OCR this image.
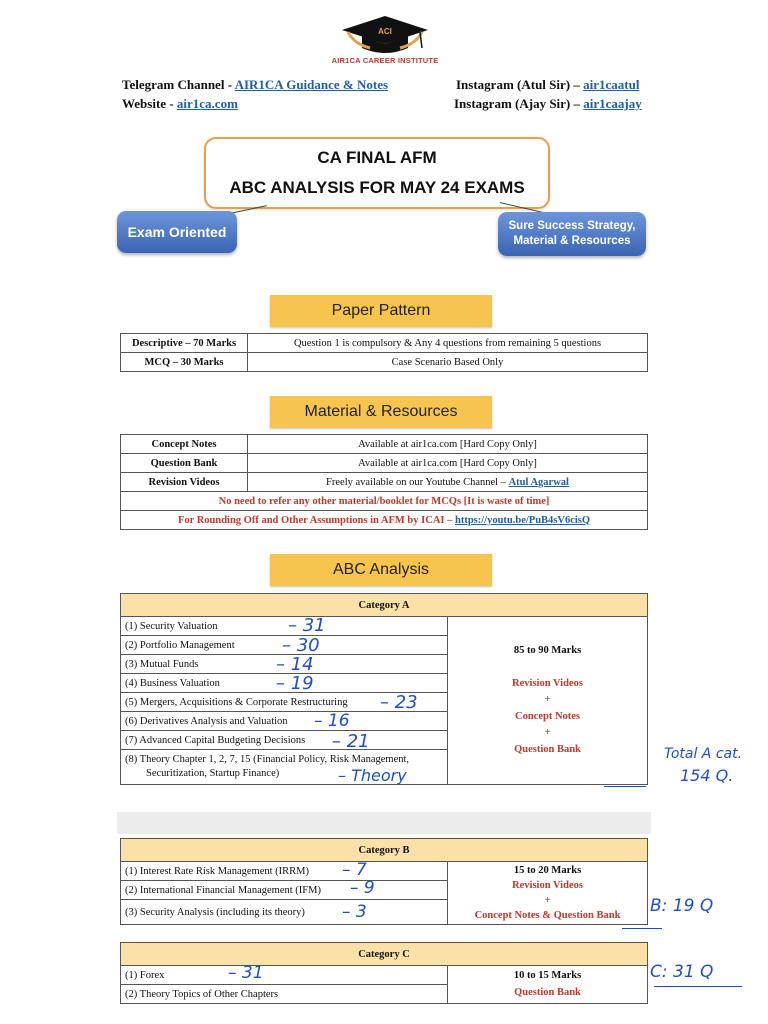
ACI
AIR1CA CAREER INSTITUTE
Telegram Channel - AIR1CA Guidance & Notes
Website - air1ca.com
Instagram (Atul Sir) – air1caatul
Instagram (Ajay Sir) – air1caajay
CA FINAL AFM
ABC ANALYSIS FOR MAY 24 EXAMS
Exam Oriented	Sure Success Strategy,
Material & Resources
Paper Pattern
Descriptive – 70 Marks	Question 1 is compulsory & Any 4 questions from remaining 5 questions
MCQ – 30 Marks	Case Scenario Based Only
Material & Resources
Concept Notes	Available at air1ca.com [Hard Copy Only]
Question Bank	Available at air1ca.com [Hard Copy Only]
Revision Videos	Freely available on our Youtube Channel – Atul Agarwal
No need to refer any other material/booklet for MCQs [It is waste of time]	
For Rounding Off and Other Assumptions in AFM by ICAI – https://youtu.be/PuB4sV6cisQ	
ABC Analysis
Category A
(1) Security Valuation	
85 to 90 Marks
Revision Videos
+
Concept Notes
+
Question Bank

(2) Portfolio Management
(3) Mutual Funds
(4) Business Valuation
(5) Mergers, Acquisitions & Corporate Restructuring
(6) Derivatives Analysis and Valuation
(7) Advanced Capital Budgeting Decisions

(8) Theory Chapter 1, 2, 7, 15 (Financial Policy, Risk Management,
Securitization, Startup Finance)
Category B
(1) Interest Rate Risk Management (IRRM)	15 to 20 Marks
Revision Videos
+
Concept Notes & Question Bank

(2) International Financial Management (IFM)
(3) Security Analysis (including its theory)
Category C
(1) Forex	10 to 15 Marks
Question Bank

(2) Theory Topics of Other Chapters
– 31
– 30
– 14
– 19
– 23
– 16
– 21
– Theory
Total A cat.
154 Q.
– 7
– 9
– 3	B: 19 Q
– 31	C: 31 Q
